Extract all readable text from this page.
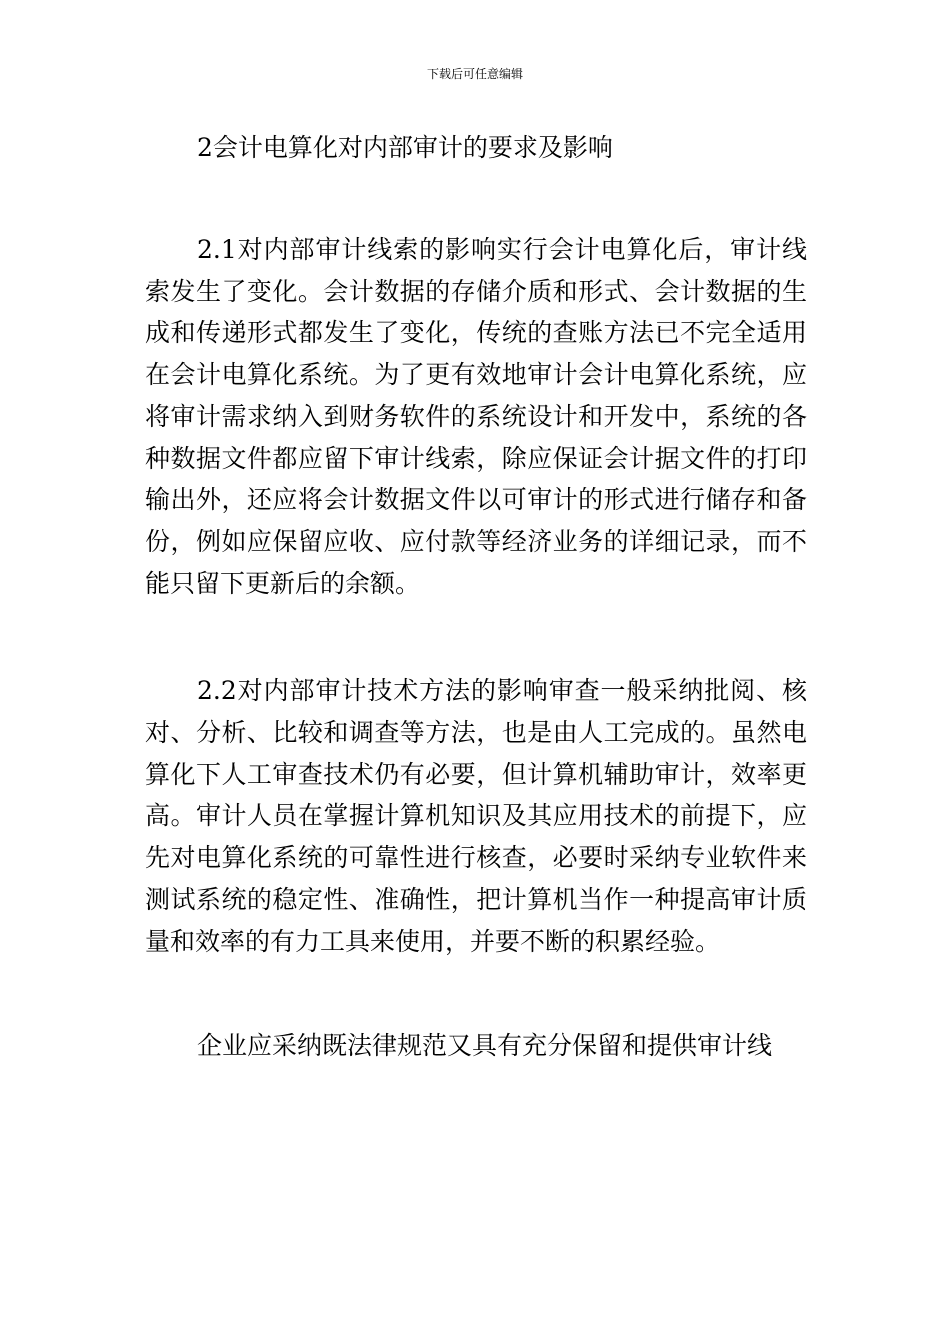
下载后可任意编辑
2会计电算化对内部审计的要求及影响

2.1对内部审计线索的影响实行会计电算化后，审计线索发生了变化。会计数据的存储介质和形式、会计数据的生成和传递形式都发生了变化，传统的查账方法已不完全适用在会计电算化系统。为了更有效地审计会计电算化系统，应将审计需求纳入到财务软件的系统设计和开发中，系统的各种数据文件都应留下审计线索，除应保证会计据文件的打印输出外，还应将会计数据文件以可审计的形式进行储存和备份，例如应保留应收、应付款等经济业务的详细记录，而不能只留下更新后的余额。

2.2对内部审计技术方法的影响审查一般采纳批阅、核对、分析、比较和调查等方法，也是由人工完成的。虽然电算化下人工审查技术仍有必要，但计算机辅助审计，效率更高。审计人员在掌握计算机知识及其应用技术的前提下，应先对电算化系统的可靠性进行核查，必要时采纳专业软件来测试系统的稳定性、准确性，把计算机当作一种提高审计质量和效率的有力工具来使用，并要不断的积累经验。

企业应采纳既法律规范又具有充分保留和提供审计线
